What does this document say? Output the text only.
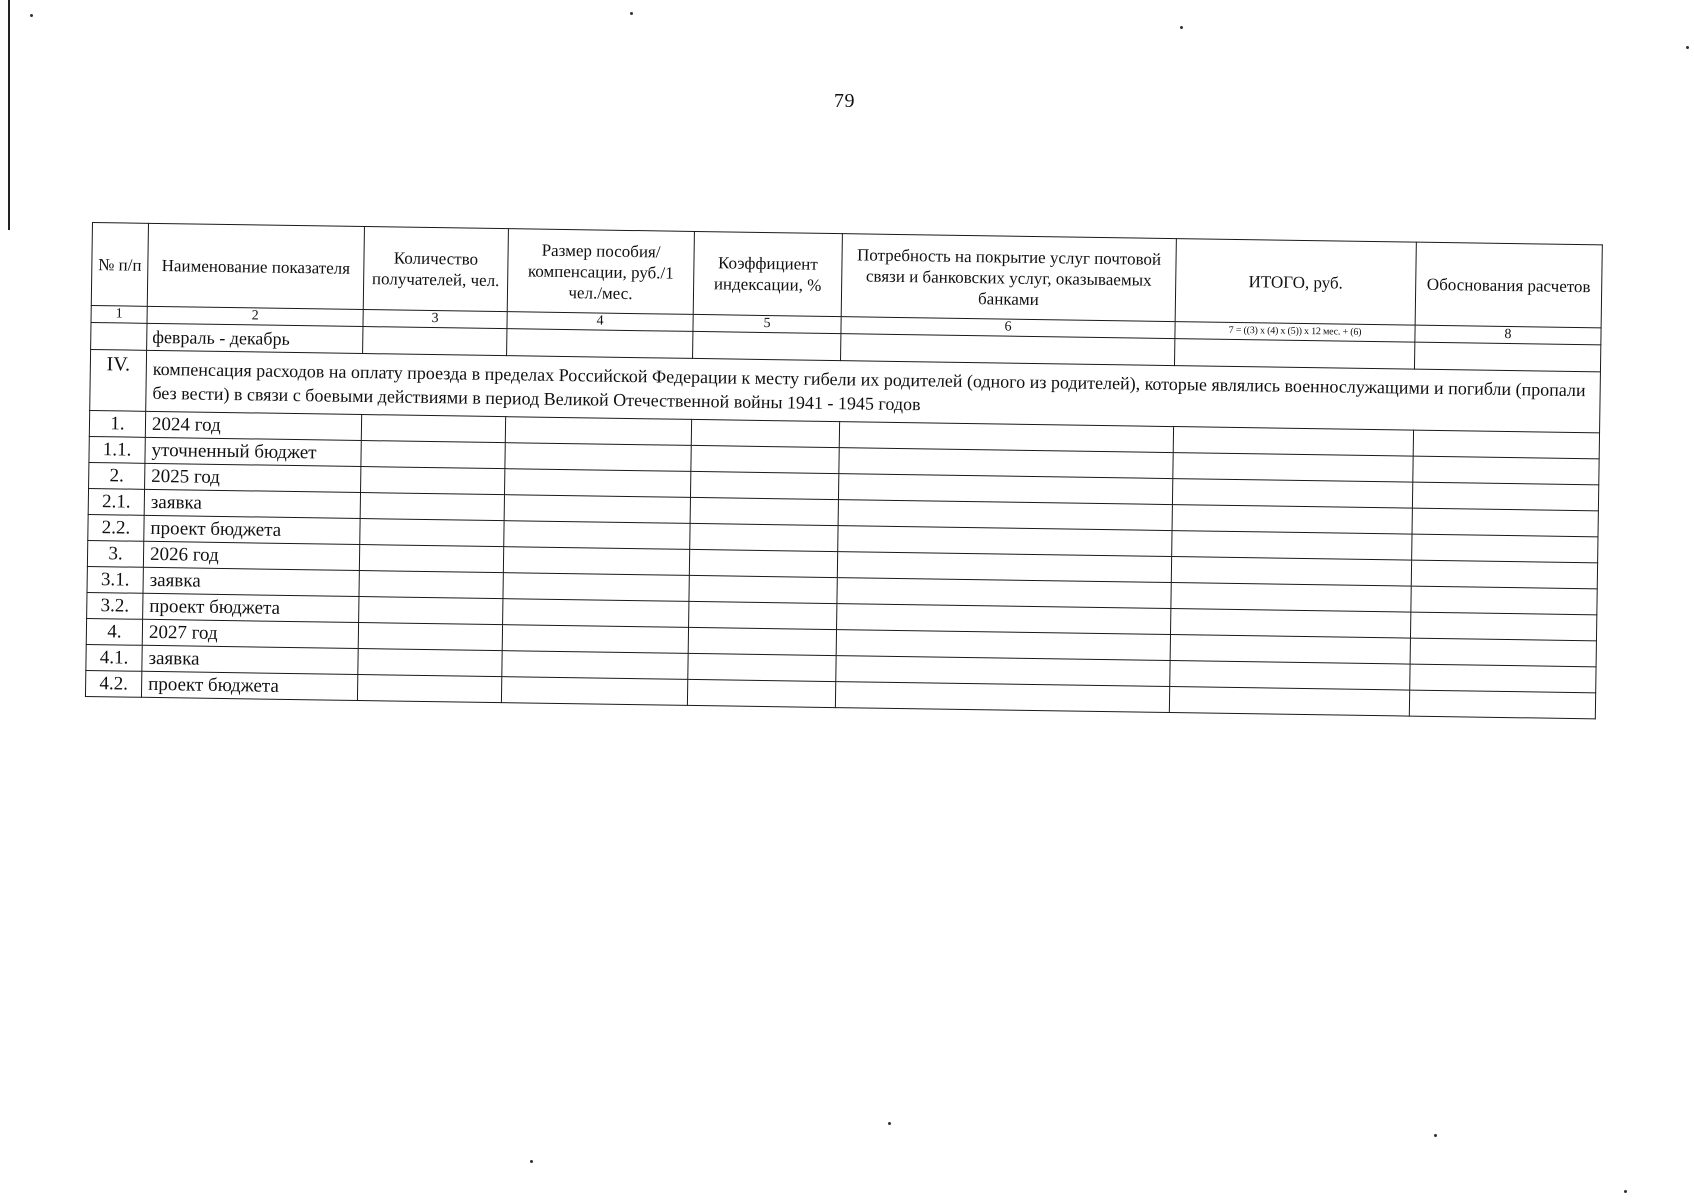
79
№ п/п	Наименование показателя	Количество получателей, чел.	Размер пособия/компенсации, руб./1 чел./мес.	Коэффициент индексации, %	Потребность на покрытие услуг почтовой связи и банковских услуг, оказываемых банками	ИТОГО, руб.	Обоснования расчетов
1	2	3	4	5	6	7 = ((3) x (4) x (5)) x 12 мес. + (6)	8
	февраль - декабрь						
IV.	компенсация расходов на оплату проезда в пределах Российской Федерации к месту гибели их родителей (одного из родителей), которые являлись военнослужащими и погибли (пропали без вести) в связи с боевыми действиями в период Великой Отечественной войны 1941 - 1945 годов						
1.	2024 год						
1.1.	уточненный бюджет						
2.	2025 год						
2.1.	заявка						
2.2.	проект бюджета						
3.	2026 год						
3.1.	заявка						
3.2.	проект бюджета						
4.	2027 год						
4.1.	заявка						
4.2.	проект бюджета						
